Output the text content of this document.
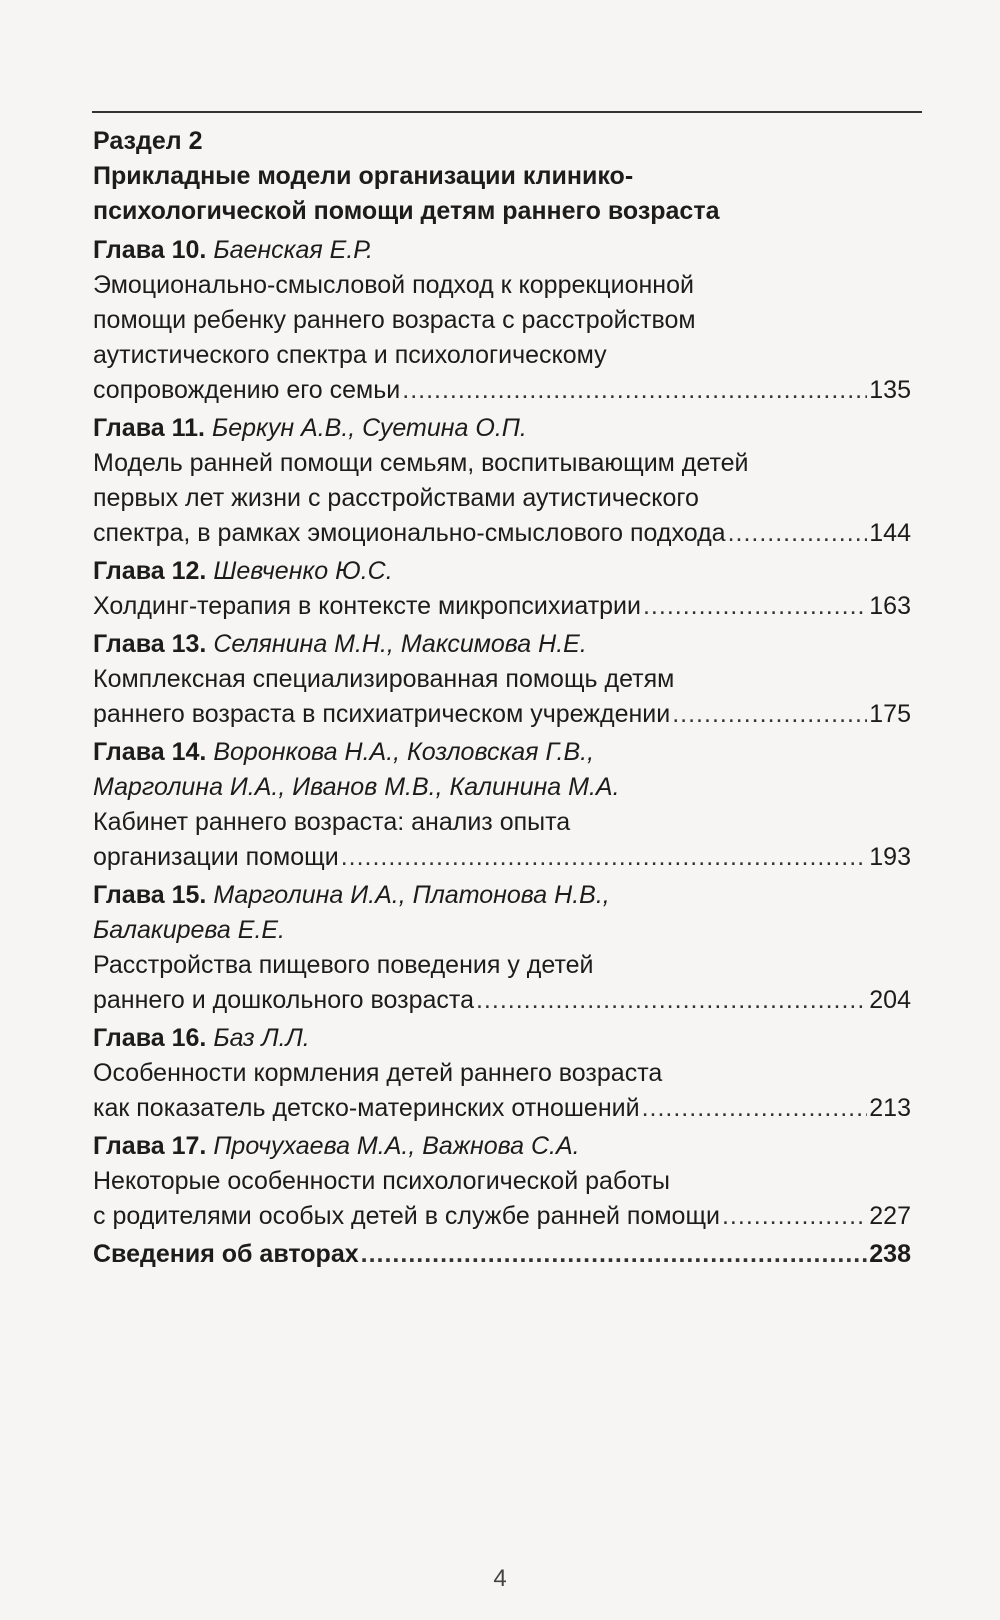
Раздел 2
Прикладные модели организации клинико-
психологической помощи детям раннего возраста
Глава 10. Баенская Е.Р.
Эмоционально-смысловой подход к коррекционной
помощи ребенку раннего возраста с расстройством
аутистического спектра и психологическому
сопровождению его семьи .....	135
Глава 11. Беркун А.В., Суетина О.П.
Модель ранней помощи семьям, воспитывающим детей
первых лет жизни с расстройствами аутистического
спектра, в рамках эмоционально-смыслового подхода .....	144
Глава 12. Шевченко Ю.С.
Холдинг-терапия в контексте микропсихиатрии .....	163
Глава 13. Селянина М.Н., Максимова Н.Е.
Комплексная специализированная помощь детям
раннего возраста в психиатрическом учреждении .....	175
Глава 14. Воронкова Н.А., Козловская Г.В.,
Марголина И.А., Иванов М.В., Калинина М.А.
Кабинет раннего возраста: анализ опыта
организации помощи .....	193
Глава 15. Марголина И.А., Платонова Н.В.,
Балакирева Е.Е.
Расстройства пищевого поведения у детей
раннего и дошкольного возраста .....	204
Глава 16. Баз Л.Л.
Особенности кормления детей раннего возраста
как показатель детско-материнских отношений .....	213
Глава 17. Прочухаева М.А., Важнова С.А.
Некоторые особенности психологической работы
с родителями особых детей в службе ранней помощи .....	227
Сведения об авторах .....	238
4
